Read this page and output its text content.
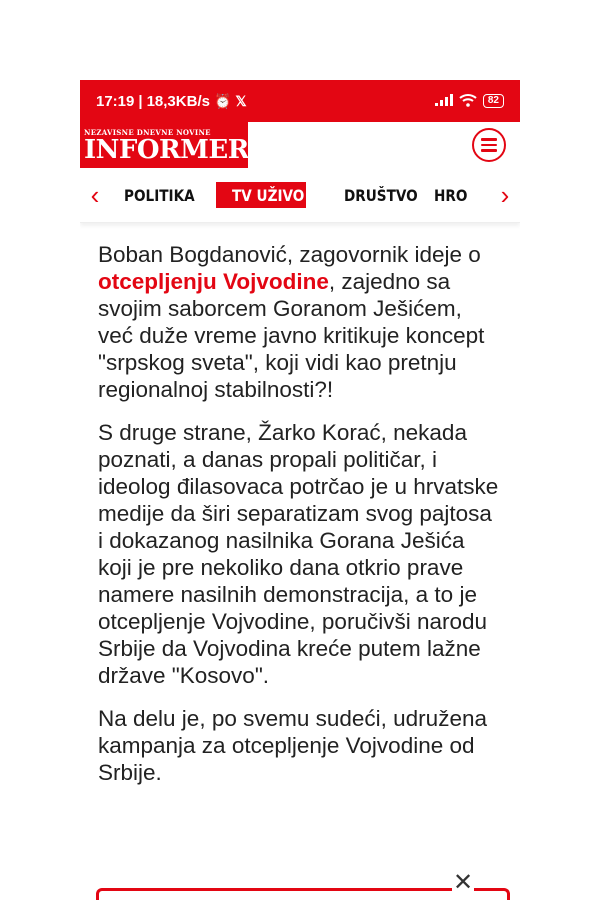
17:19 | 18,3KB/s ⏰ 𝕏	82
NEZAVISNE DNEVNE NOVINE
INFORMER
‹	POLITIKA	TV UŽIVO DRUŠTVO HRO	›

Boban Bogdanović, zagovornik ideje o otcepljenju Vojvodine, zajedno sa svojim saborcem Goranom Ješićem, već duže vreme javno kritikuje koncept "srpskog sveta", koji vidi kao pretnju regionalnoj stabilnosti?!

S druge strane, Žarko Korać, nekada poznati, a danas propali političar, i ideolog đilasovaca potrčao je u hrvatske medije da širi separatizam svog pajtosa i dokazanog nasilnika Gorana Ješića koji je pre nekoliko dana otkrio prave namere nasilnih demonstracija, a to je otcepljenje Vojvodine, poručivši narodu Srbije da Vojvodina kreće putem lažne države "Kosovo".

Na delu je, po svemu sudeći, udružena kampanja za otcepljenje Vojvodine od Srbije.

✕
